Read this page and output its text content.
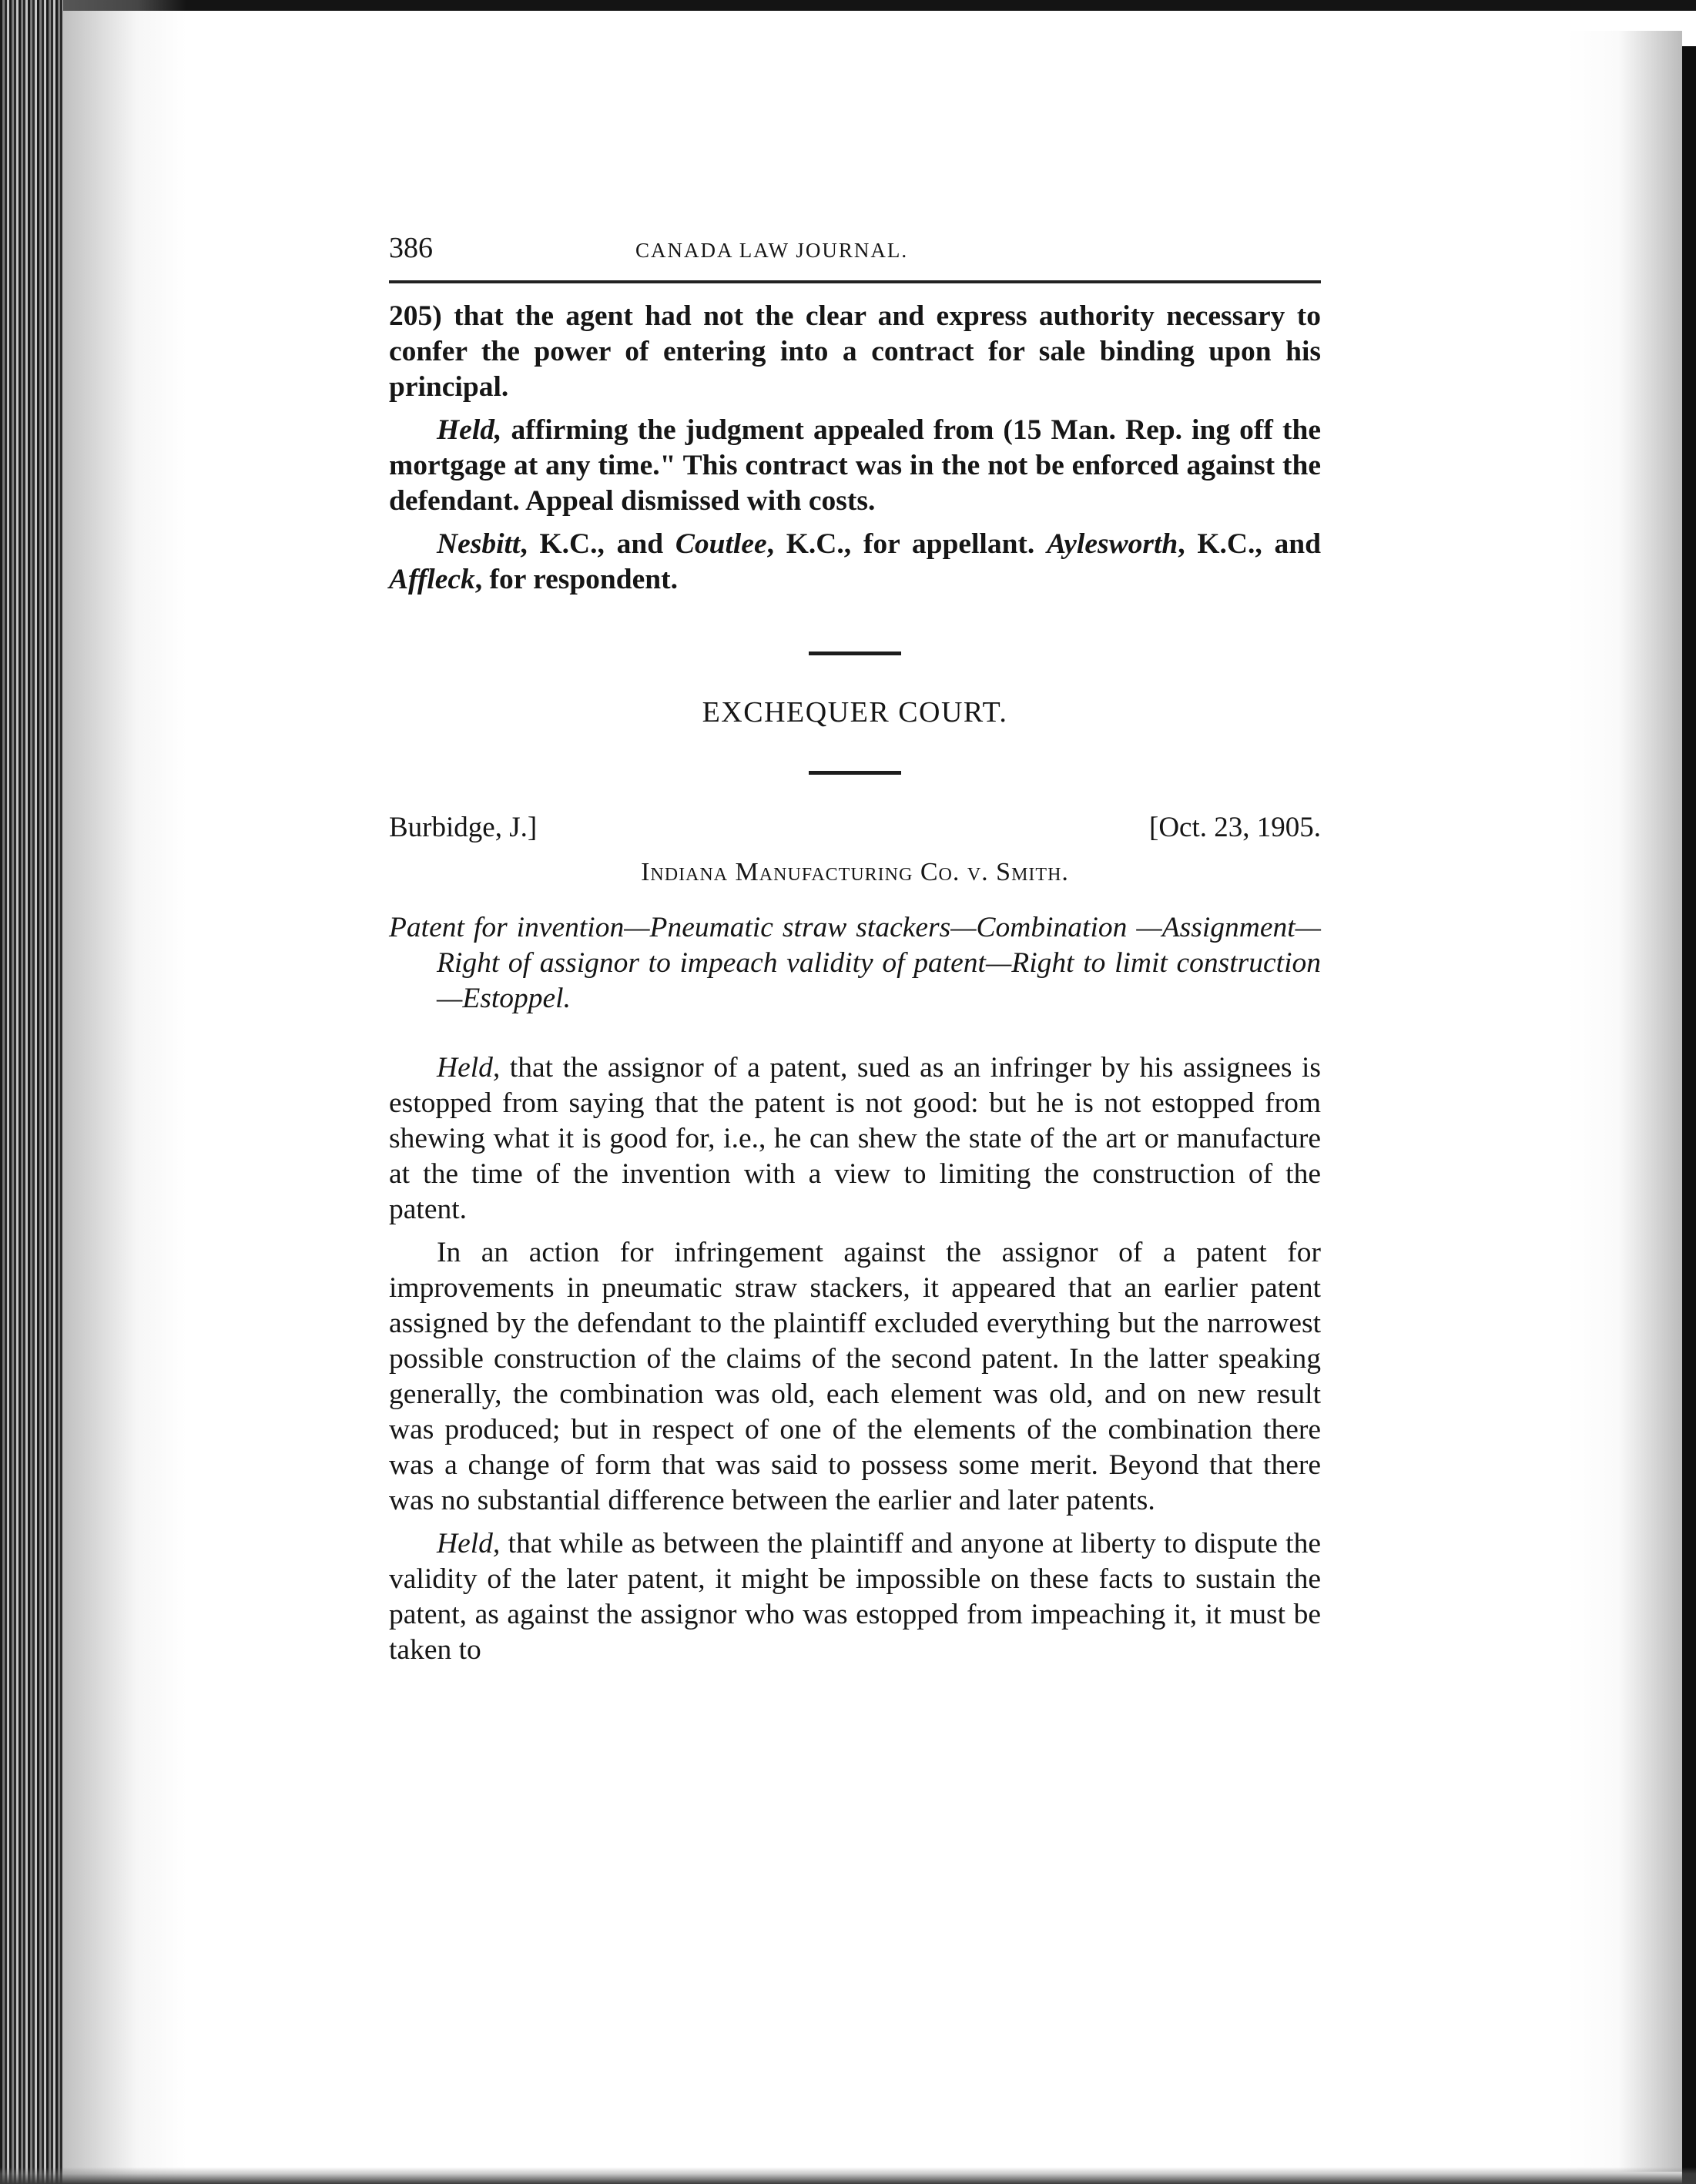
386	CANADA LAW JOURNAL.

205) that the agent had not the clear and express authority necessary to confer the power of entering into a contract for sale binding upon his principal.

Held, affirming the judgment appealed from (15 Man. Rep. ing off the mortgage at any time." This contract was in the not be enforced against the defendant. Appeal dismissed with costs.

Nesbitt, K.C., and Coutlee, K.C., for appellant. Aylesworth, K.C., and Affleck, for respondent.

EXCHEQUER COURT.
Burbidge, J.]	[Oct. 23, 1905.
Indiana Manufacturing Co. v. Smith.
Patent for invention—Pneumatic straw stackers—Combination —Assignment—Right of assignor to impeach validity of patent—Right to limit construction—Estoppel.

Held, that the assignor of a patent, sued as an infringer by his assignees is estopped from saying that the patent is not good: but he is not estopped from shewing what it is good for, i.e., he can shew the state of the art or manufacture at the time of the invention with a view to limiting the construction of the patent.

In an action for infringement against the assignor of a patent for improvements in pneumatic straw stackers, it appeared that an earlier patent assigned by the defendant to the plaintiff excluded everything but the narrowest possible construction of the claims of the second patent. In the latter speaking generally, the combination was old, each element was old, and on new result was produced; but in respect of one of the elements of the combination there was a change of form that was said to possess some merit. Beyond that there was no substantial difference between the earlier and later patents.

Held, that while as between the plaintiff and anyone at liberty to dispute the validity of the later patent, it might be impossible on these facts to sustain the patent, as against the assignor who was estopped from impeaching it, it must be taken to
